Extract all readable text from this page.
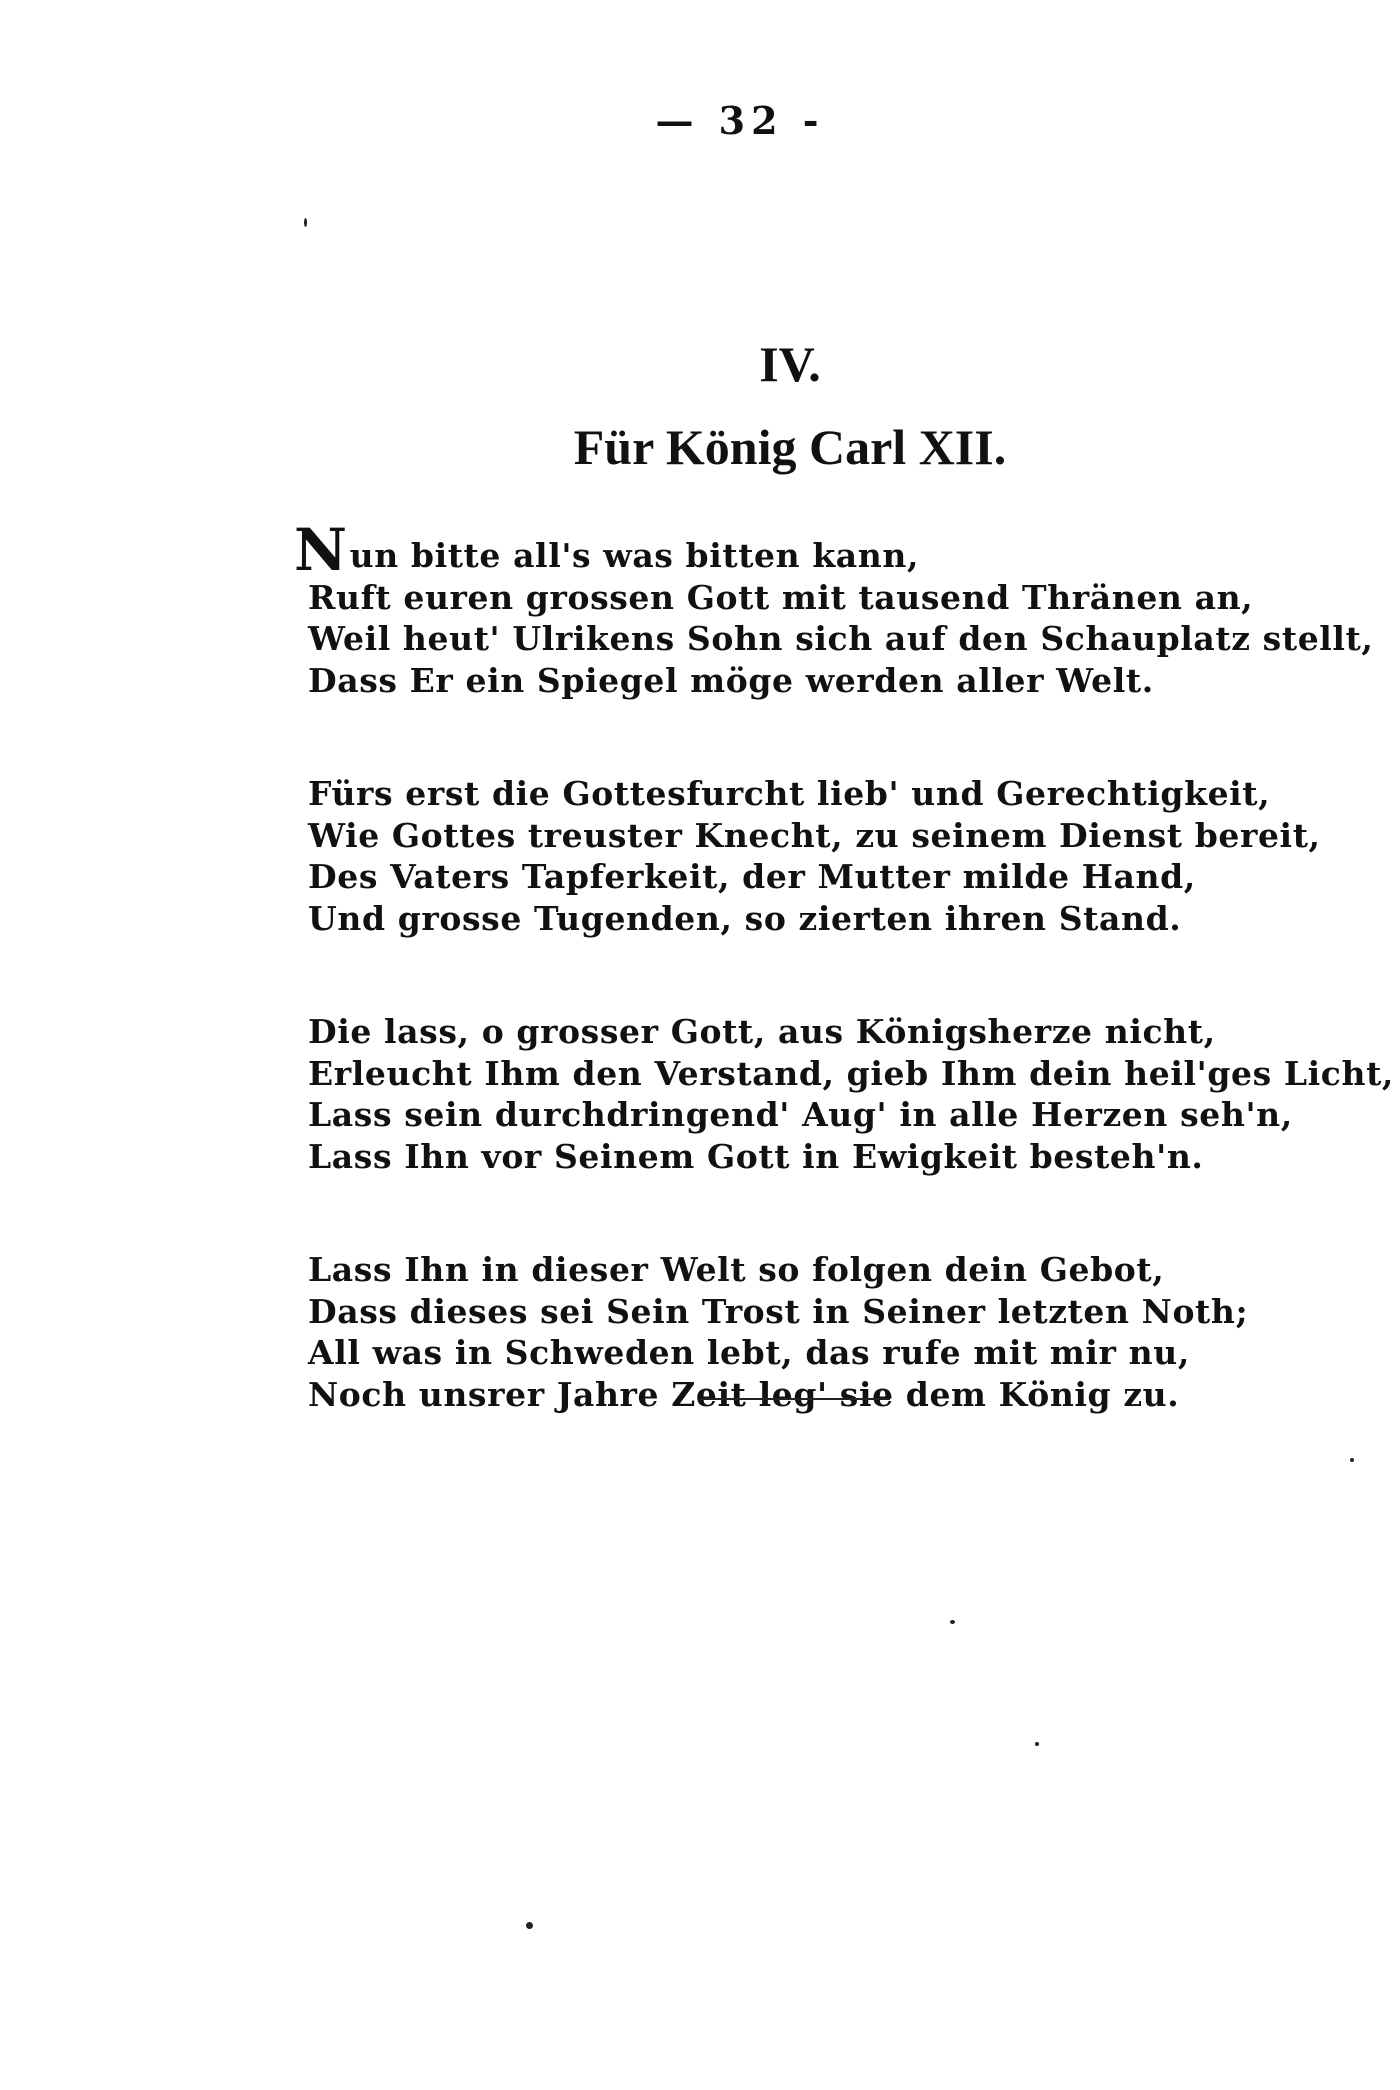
— 32 -
IV.
Für König Carl XII.
Nun bitte all's was bitten kann,
Ruft euren grossen Gott mit tausend Thränen an,
Weil heut' Ulrikens Sohn sich auf den Schauplatz stellt,
Dass Er ein Spiegel möge werden aller Welt.
Fürs erst die Gottesfurcht lieb' und Gerechtigkeit,
Wie Gottes treuster Knecht, zu seinem Dienst bereit,
Des Vaters Tapferkeit, der Mutter milde Hand,
Und grosse Tugenden, so zierten ihren Stand.
Die lass, o grosser Gott, aus Königsherze nicht,
Erleucht Ihm den Verstand, gieb Ihm dein heil'ges Licht,
Lass sein durchdringend' Aug' in alle Herzen seh'n,
Lass Ihn vor Seinem Gott in Ewigkeit besteh'n.
Lass Ihn in dieser Welt so folgen dein Gebot,
Dass dieses sei Sein Trost in Seiner letzten Noth;
All was in Schweden lebt, das rufe mit mir nu,
Noch unsrer Jahre Zeit leg' sie dem König zu.
